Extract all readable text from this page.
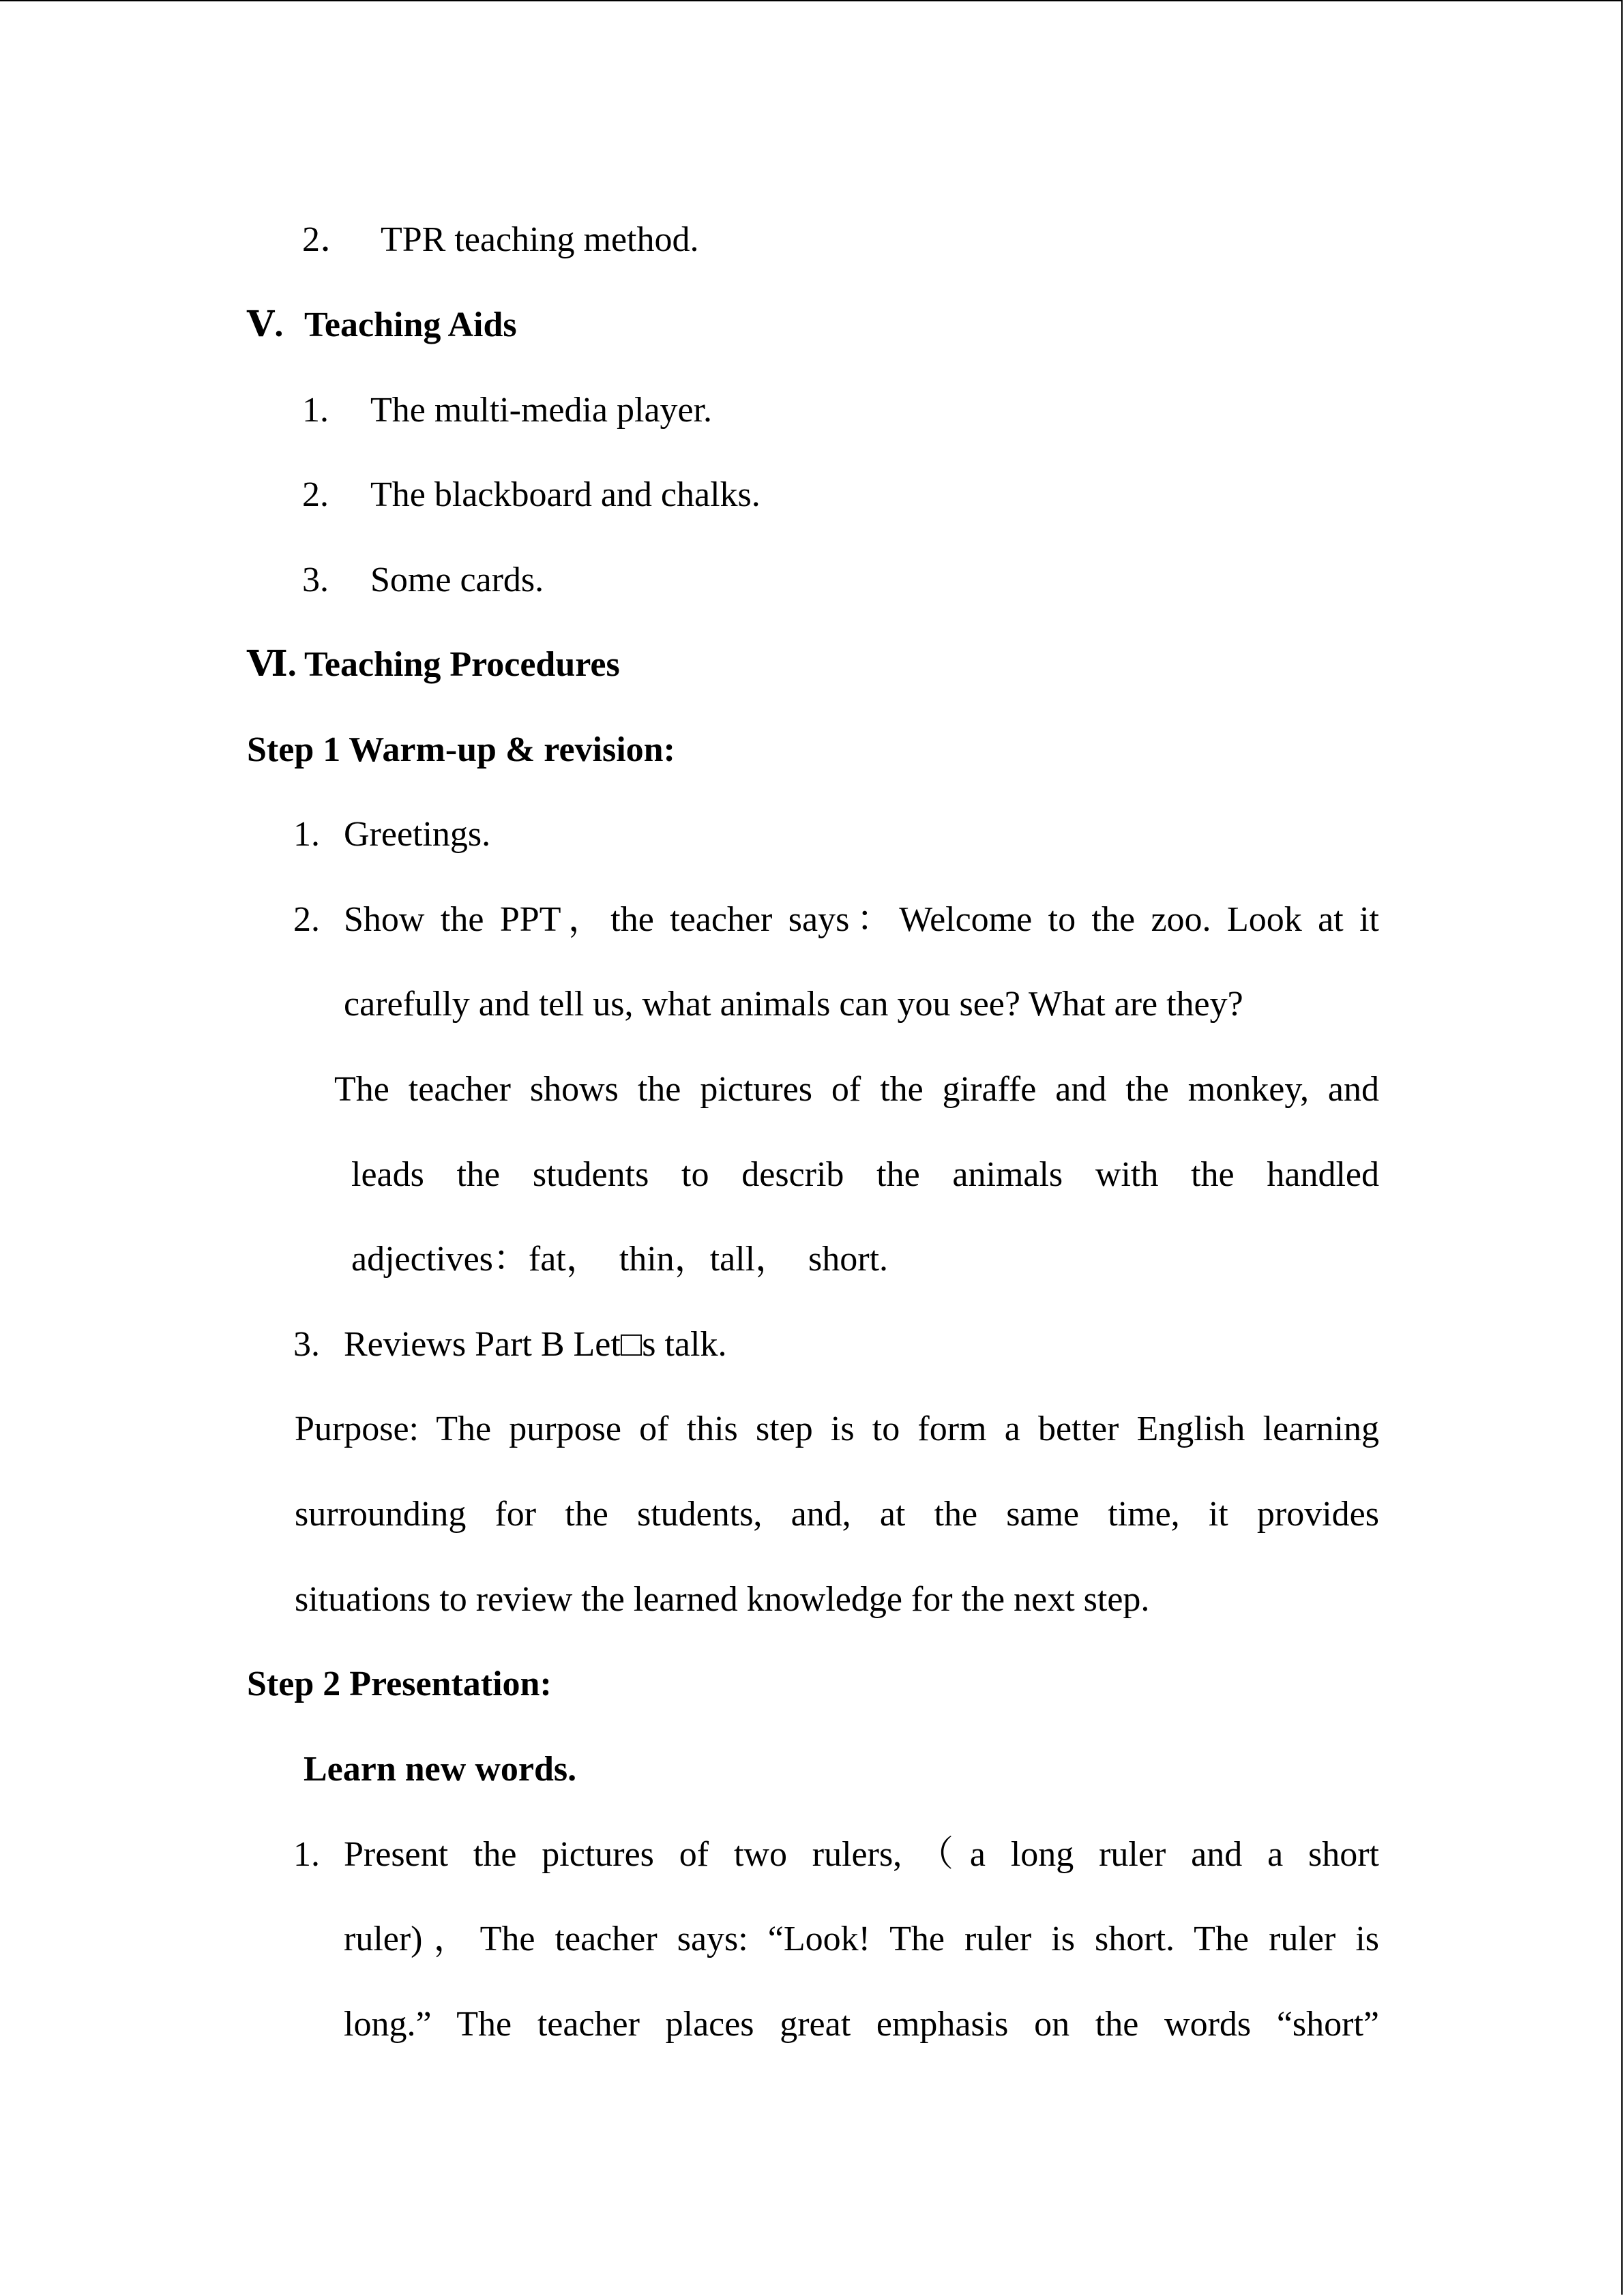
2． TPR teaching method.
Ⅴ. Teaching Aids
1. The multi-media player.
2. The blackboard and chalks.
3. Some cards.
Ⅵ. Teaching Procedures
Step 1 Warm-up & revision:
1. Greetings.
2. Show the PPT，the teacher says：Welcome to the zoo. Look at it
carefully and tell us, what animals can you see? What are they?
The teacher shows the pictures of the giraffe and the monkey, and
leads the students to describ the animals with the handled
adjectives：fat，  thin，tall，  short.
3. Reviews Part B Let□s talk.
Purpose: The purpose of this step is to form a better English learning
surrounding for the students, and, at the same time, it provides
situations to review the learned knowledge for the next step.
Step 2 Presentation:
Learn new words.
1. Present the pictures of two rulers,（a long ruler and a short
ruler)，The teacher says: “Look! The ruler is short. The ruler is
long.” The teacher places great emphasis on the words “short”
